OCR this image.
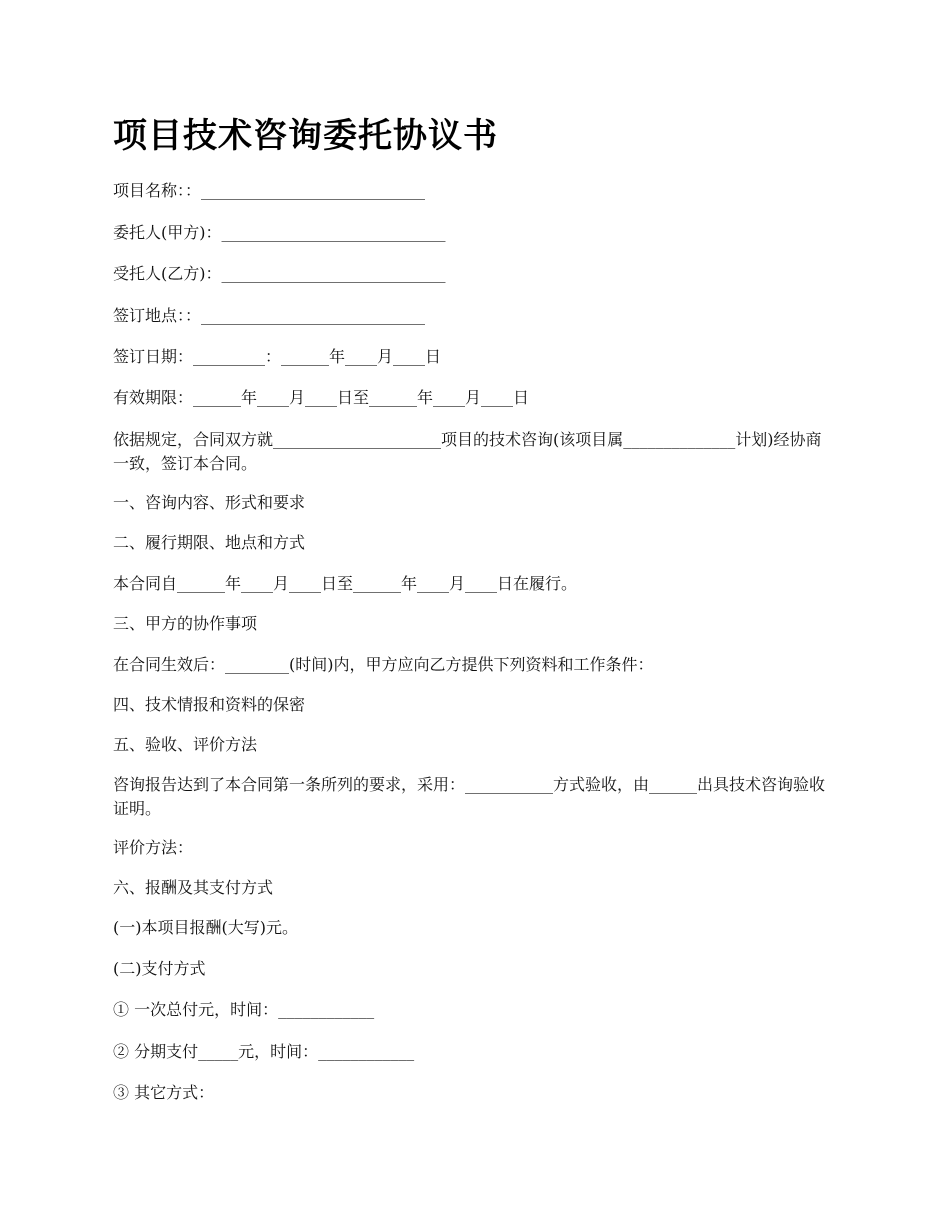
项目技术咨询委托协议书
项目名称：：____________________________
委托人(甲方)：____________________________
受托人(乙方)：____________________________
签订地点：：____________________________
签订日期：_________：______年____月____日
有效期限：______年____月____日至______年____月____日
依据规定，合同双方就_____________________项目的技术咨询(该项目属______________计划)经协商一致，签订本合同。
一、咨询内容、形式和要求
二、履行期限、地点和方式
本合同自______年____月____日至______年____月____日在履行。
三、甲方的协作事项
在合同生效后：________(时间)内，甲方应向乙方提供下列资料和工作条件：
四、技术情报和资料的保密
五、验收、评价方法
咨询报告达到了本合同第一条所列的要求，采用：___________方式验收，由______出具技术咨询验收证明。
评价方法：
六、报酬及其支付方式
(一)本项目报酬(大写)元。
(二)支付方式
① 一次总付元，时间：____________
② 分期支付_____元，时间：____________
③ 其它方式：
